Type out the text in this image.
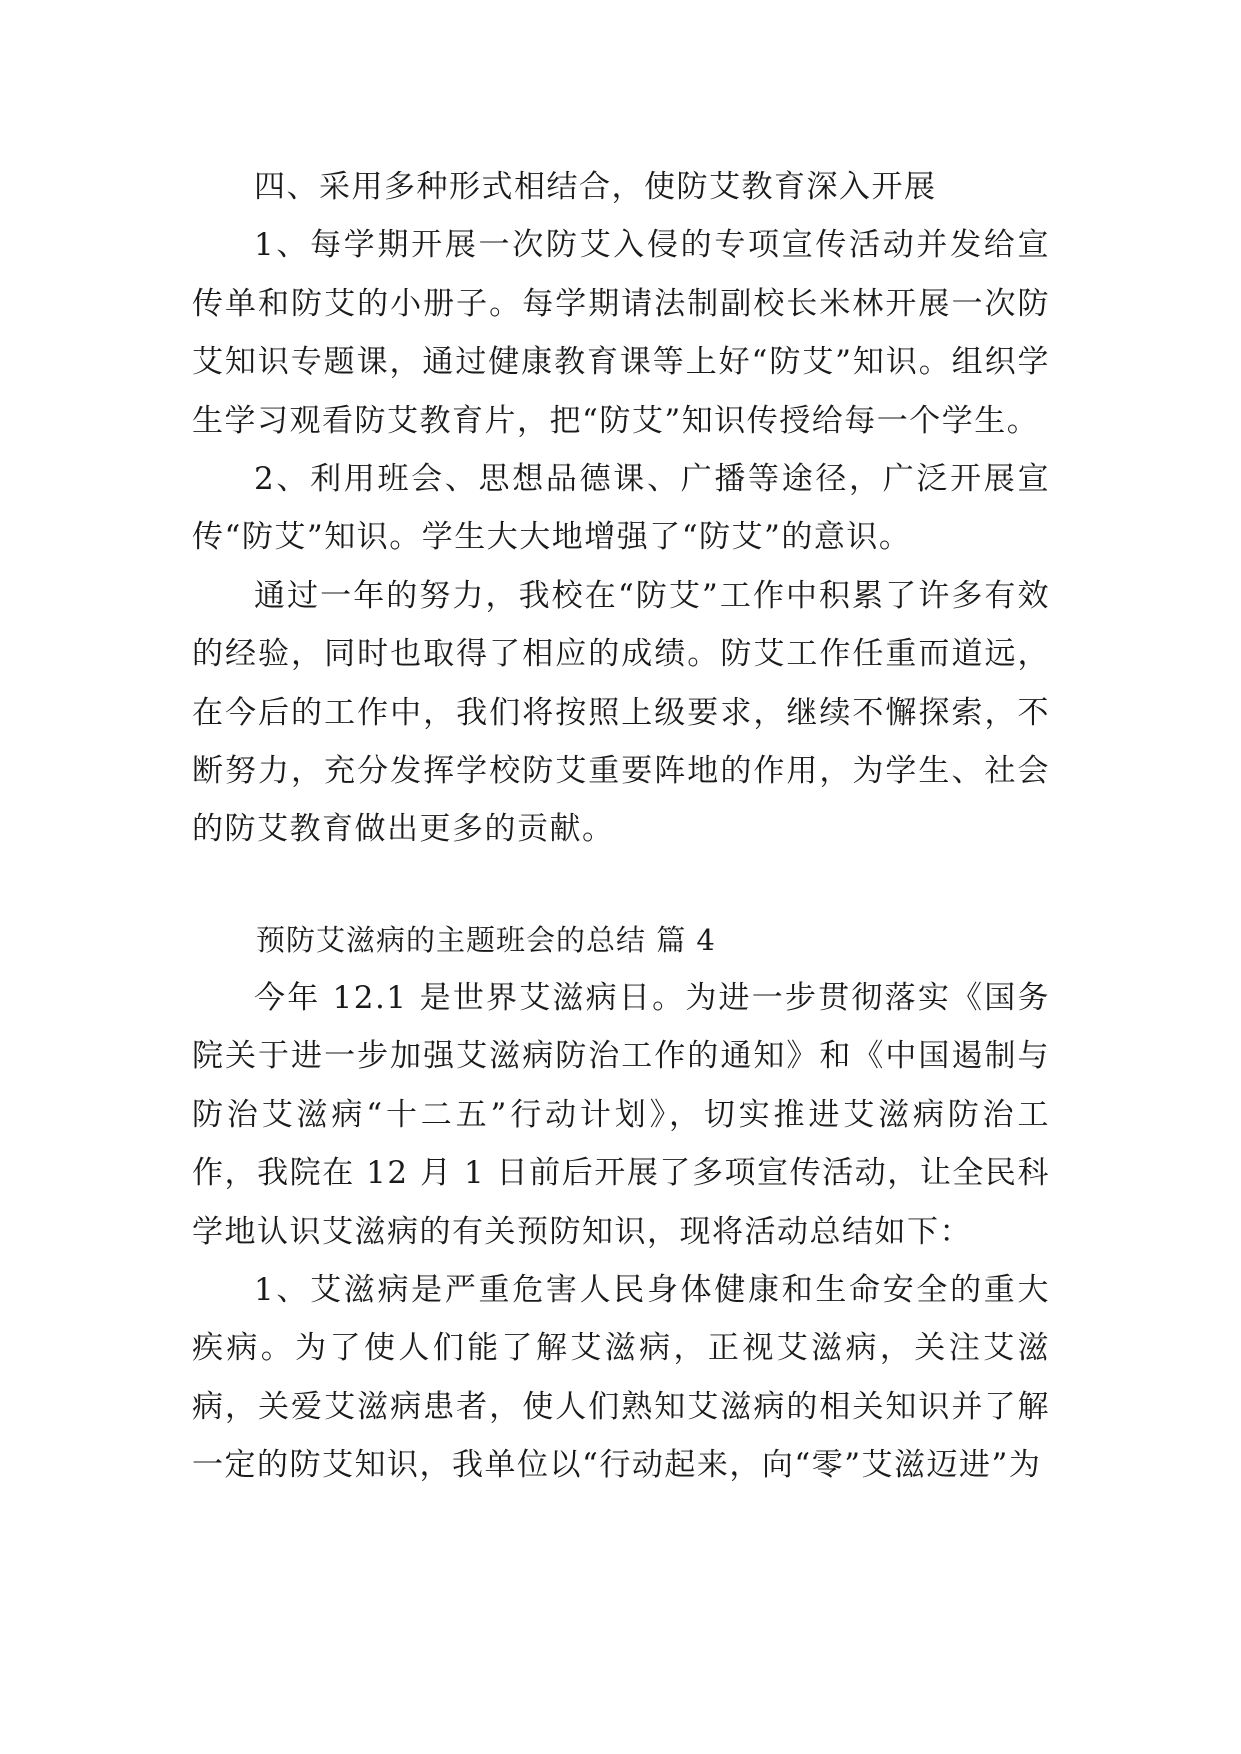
四、采用多种形式相结合，使防艾教育深入开展

1、每学期开展一次防艾入侵的专项宣传活动并发给宣传单和防艾的小册子。每学期请法制副校长米林开展一次防艾知识专题课，通过健康教育课等上好“防艾”知识。组织学生学习观看防艾教育片，把“防艾”知识传授给每一个学生。

2、利用班会、思想品德课、广播等途径，广泛开展宣传“防艾”知识。学生大大地增强了“防艾”的意识。

通过一年的努力，我校在“防艾”工作中积累了许多有效的经验，同时也取得了相应的成绩。防艾工作任重而道远，在今后的工作中，我们将按照上级要求，继续不懈探索，不断努力，充分发挥学校防艾重要阵地的作用，为学生、社会的防艾教育做出更多的贡献。

预防艾滋病的主题班会的总结 篇 4

今年 12.1 是世界艾滋病日。为进一步贯彻落实《国务院关于进一步加强艾滋病防治工作的通知》和《中国遏制与防治艾滋病“十二五”行动计划》，切实推进艾滋病防治工作，我院在 12 月 1 日前后开展了多项宣传活动，让全民科学地认识艾滋病的有关预防知识，现将活动总结如下：

1、艾滋病是严重危害人民身体健康和生命安全的重大疾病。为了使人们能了解艾滋病，正视艾滋病，关注艾滋病，关爱艾滋病患者，使人们熟知艾滋病的相关知识并了解一定的防艾知识，我单位以“行动起来，向“零”艾滋迈进”为
